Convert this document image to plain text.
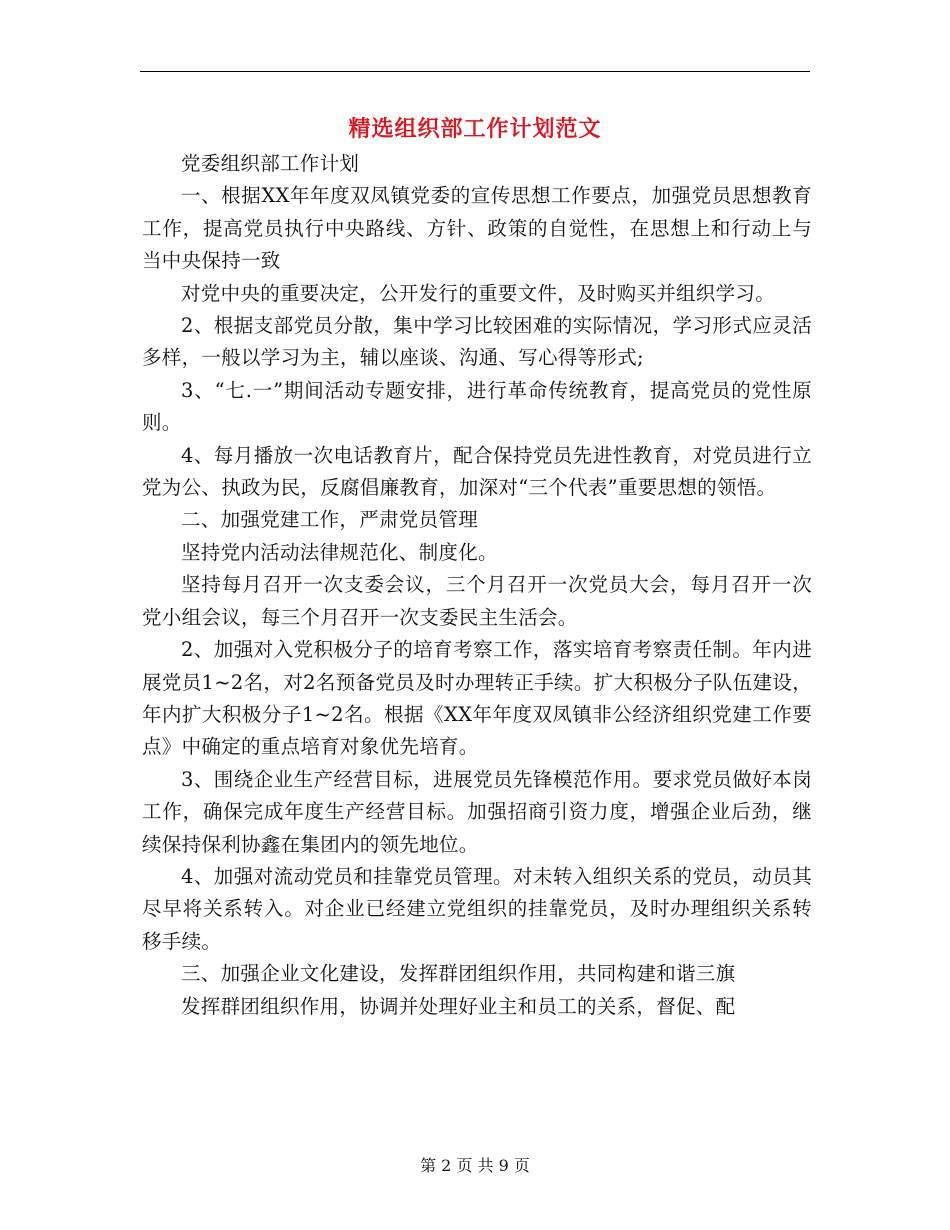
精选组织部工作计划范文

党委组织部工作计划

一、根据XX年年度双凤镇党委的宣传思想工作要点，加强党员思想教育工作，提高党员执行中央路线、方针、政策的自觉性，在思想上和行动上与当中央保持一致

对党中央的重要决定，公开发行的重要文件，及时购买并组织学习。

2、根据支部党员分散，集中学习比较困难的实际情况，学习形式应灵活多样，一般以学习为主，辅以座谈、沟通、写心得等形式;

3、“七.一”期间活动专题安排，进行革命传统教育，提高党员的党性原则。

4、每月播放一次电话教育片，配合保持党员先进性教育，对党员进行立党为公、执政为民，反腐倡廉教育，加深对“三个代表”重要思想的领悟。

二、加强党建工作，严肃党员管理

坚持党内活动法律规范化、制度化。

坚持每月召开一次支委会议，三个月召开一次党员大会，每月召开一次党小组会议，每三个月召开一次支委民主生活会。

2、加强对入党积极分子的培育考察工作，落实培育考察责任制。年内进展党员1~2名，对2名预备党员及时办理转正手续。扩大积极分子队伍建设，年内扩大积极分子1~2名。根据《XX年年度双凤镇非公经济组织党建工作要点》中确定的重点培育对象优先培育。

3、围绕企业生产经营目标，进展党员先锋模范作用。要求党员做好本岗工作，确保完成年度生产经营目标。加强招商引资力度，增强企业后劲，继续保持保利协鑫在集团内的领先地位。

4、加强对流动党员和挂靠党员管理。对未转入组织关系的党员，动员其尽早将关系转入。对企业已经建立党组织的挂靠党员，及时办理组织关系转移手续。

三、加强企业文化建设，发挥群团组织作用，共同构建和谐三旗

发挥群团组织作用，协调并处理好业主和员工的关系，督促、配

第 2 页 共 9 页
